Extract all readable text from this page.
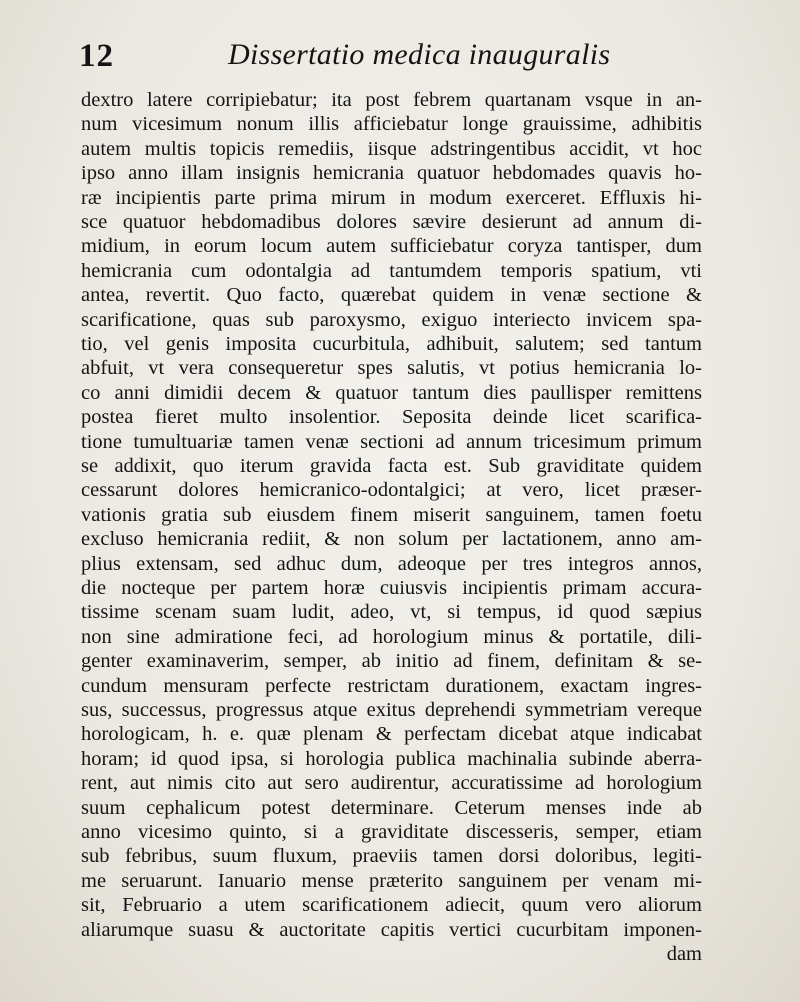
12	Dissertatio medica inauguralis
dextro latere corripiebatur; ita post febrem quartanam vsque in an-
num vicesimum nonum illis afficiebatur longe grauissime, adhibitis
autem multis topicis remediis, iisque adstringentibus accidit, vt hoc
ipso anno illam insignis hemicrania quatuor hebdomades quavis ho-
ræ incipientis parte prima mirum in modum exerceret. Effluxis hi-
sce quatuor hebdomadibus dolores sævire desierunt ad annum di-
midium, in eorum locum autem sufficiebatur coryza tantisper, dum
hemicrania cum odontalgia ad tantumdem temporis spatium, vti
antea, revertit. Quo facto, quærebat quidem in venæ sectione &
scarificatione, quas sub paroxysmo, exiguo interiecto invicem spa-
tio, vel genis imposita cucurbitula, adhibuit, salutem; sed tantum
abfuit, vt vera consequeretur spes salutis, vt potius hemicrania lo-
co anni dimidii decem & quatuor tantum dies paullisper remittens
postea fieret multo insolentior. Seposita deinde licet scarifica-
tione tumultuariæ tamen venæ sectioni ad annum tricesimum primum
se addixit, quo iterum gravida facta est. Sub graviditate quidem
cessarunt dolores hemicranico-odontalgici; at vero, licet præser-
vationis gratia sub eiusdem finem miserit sanguinem, tamen foetu
excluso hemicrania rediit, & non solum per lactationem, anno am-
plius extensam, sed adhuc dum, adeoque per tres integros annos,
die nocteque per partem horæ cuiusvis incipientis primam accura-
tissime scenam suam ludit, adeo, vt, si tempus, id quod sæpius
non sine admiratione feci, ad horologium minus & portatile, dili-
genter examinaverim, semper, ab initio ad finem, definitam & se-
cundum mensuram perfecte restrictam durationem, exactam ingres-
sus, successus, progressus atque exitus deprehendi symmetriam vereque
horologicam, h. e. quæ plenam & perfectam dicebat atque indicabat
horam; id quod ipsa, si horologia publica machinalia subinde aberra-
rent, aut nimis cito aut sero audirentur, accuratissime ad horologium
suum cephalicum potest determinare. Ceterum menses inde ab
anno vicesimo quinto, si a graviditate discesseris, semper, etiam
sub febribus, suum fluxum, praeviis tamen dorsi doloribus, legiti-
me seruarunt. Ianuario mense præterito sanguinem per venam mi-
sit, Februario a utem scarificationem adiecit, quum vero aliorum
aliarumque suasu & auctoritate capitis vertici cucurbitam imponen-
dam
